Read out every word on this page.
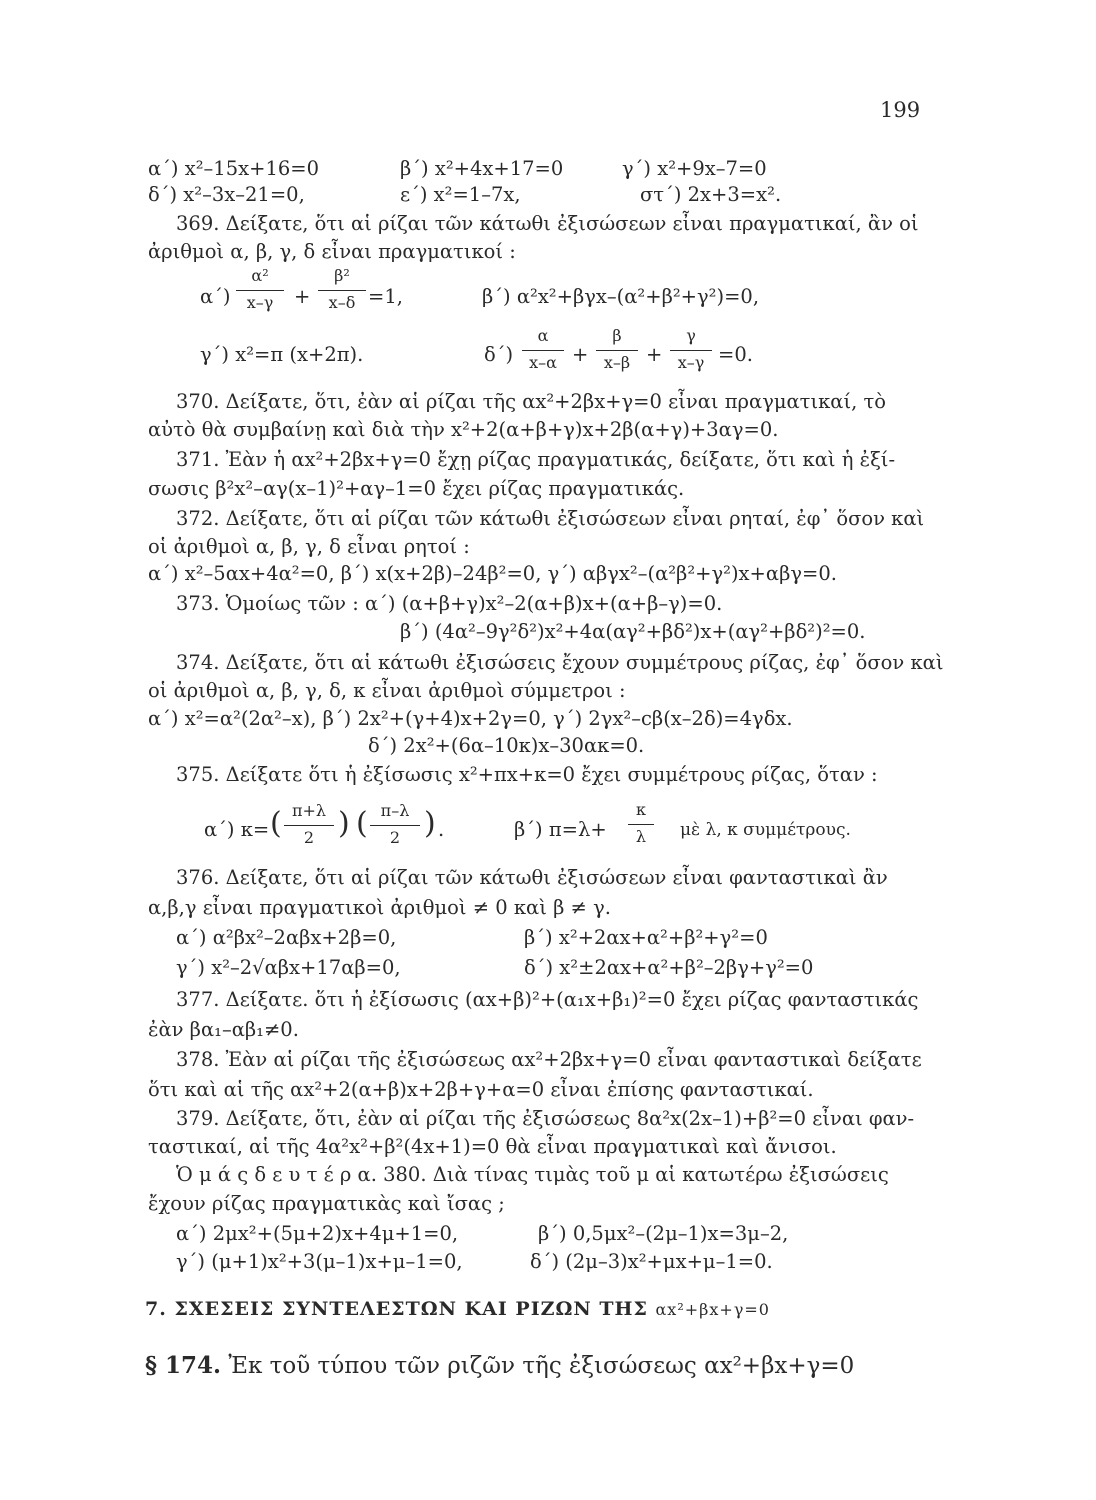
199
α΄) x²–15x+16=0	β΄) x²+4x+17=0	γ΄) x²+9x–7=0
δ΄) x²–3x–21=0,	ε΄) x²=1–7x,	στ΄) 2x+3=x².
369. Δείξατε, ὅτι αἱ ρίζαι τῶν κάτωθι ἐξισώσεων εἶναι πραγματικαί, ἂν οἱ
ἀριθμοὶ α, β, γ, δ εἶναι πραγματικοί :
α΄)
α²
x–γ	+
β²
x–δ =1,	β΄) α²x²+βγx–(α²+β²+γ²)=0,
γ΄) x²=π (x+2π).	δ΄)
α
x–α +
β
x–β +
γ
x–γ =0.
370. Δείξατε, ὅτι, ἐὰν αἱ ρίζαι τῆς αx²+2βx+γ=0 εἶναι πραγματικαί, τὸ
αὐτὸ θὰ συμβαίνῃ καὶ διὰ τὴν x²+2(α+β+γ)x+2β(α+γ)+3αγ=0.
371. Ἐὰν ἡ αx²+2βx+γ=0 ἔχῃ ρίζας πραγματικάς, δείξατε, ὅτι καὶ ἡ ἐξί-
σωσις β²x²–αγ(x–1)²+αγ–1=0 ἔχει ρίζας πραγματικάς.
372. Δείξατε, ὅτι αἱ ρίζαι τῶν κάτωθι ἐξισώσεων εἶναι ρηταί, ἐφ᾽ ὅσον καὶ
οἱ ἀριθμοὶ α, β, γ, δ εἶναι ρητοί :
α΄) x²–5αx+4α²=0, β΄) x(x+2β)–24β²=0, γ΄) αβγx²–(α²β²+γ²)x+αβγ=0.
373. Ὁμοίως τῶν : α΄) (α+β+γ)x²–2(α+β)x+(α+β–γ)=0.
β΄) (4α²–9γ²δ²)x²+4α(αγ²+βδ²)x+(αγ²+βδ²)²=0.
374. Δείξατε, ὅτι αἱ κάτωθι ἐξισώσεις ἔχουν συμμέτρους ρίζας, ἐφ᾽ ὅσον καὶ
οἱ ἀριθμοὶ α, β, γ, δ, κ εἶναι ἀριθμοὶ σύμμετροι :
α΄) x²=α²(2α²–x), β΄) 2x²+(γ+4)x+2γ=0, γ΄) 2γx²–cβ(x–2δ)=4γδx.
δ΄) 2x²+(6α–10κ)x–30ακ=0.
375. Δείξατε ὅτι ἡ ἐξίσωσις x²+πx+κ=0 ἔχει συμμέτρους ρίζας, ὅταν :
α΄) κ= ( π+λ
2 ) ( π–λ
2 ) .	β΄) π=λ+
κ
λ	μὲ λ, κ συμμέτρους.
376. Δείξατε, ὅτι αἱ ρίζαι τῶν κάτωθι ἐξισώσεων εἶναι φανταστικαὶ ἂν
α,β,γ εἶναι πραγματικοὶ ἀριθμοὶ ≠ 0 καὶ β ≠ γ.
α΄) α²βx²–2αβx+2β=0,	β΄) x²+2αx+α²+β²+γ²=0
γ΄) x²–2√αβx+17αβ=0,	δ΄) x²±2αx+α²+β²–2βγ+γ²=0
377. Δείξατε. ὅτι ἡ ἐξίσωσις (αx+β)²+(α₁x+β₁)²=0 ἔχει ρίζας φανταστικάς
ἐὰν βα₁–αβ₁≠0.
378. Ἐὰν αἱ ρίζαι τῆς ἐξισώσεως αx²+2βx+γ=0 εἶναι φανταστικαὶ δείξατε
ὅτι καὶ αἱ τῆς αx²+2(α+β)x+2β+γ+α=0 εἶναι ἐπίσης φανταστικαί.
379. Δείξατε, ὅτι, ἐὰν αἱ ρίζαι τῆς ἐξισώσεως 8α²x(2x–1)+β²=0 εἶναι φαν-
ταστικαί, αἱ τῆς 4α²x²+β²(4x+1)=0 θὰ εἶναι πραγματικαὶ καὶ ἄνισοι.
Ὁ μ ά ς δ ε υ τ έ ρ α. 380. Διὰ τίνας τιμὰς τοῦ μ αἱ κατωτέρω ἐξισώσεις
ἔχουν ρίζας πραγματικὰς καὶ ἴσας ;
α΄) 2μx²+(5μ+2)x+4μ+1=0,	β΄) 0,5μx²–(2μ–1)x=3μ–2,
γ΄) (μ+1)x²+3(μ–1)x+μ–1=0,	δ΄) (2μ–3)x²+μx+μ–1=0.
7. ΣΧΕΣΕΙΣ ΣΥΝΤΕΛΕΣΤΩΝ ΚΑΙ ΡΙΖΩΝ ΤΗΣ αx²+βx+γ=0
§ 174. Ἐκ τοῦ τύπου τῶν ριζῶν τῆς ἐξισώσεως αx²+βx+γ=0
